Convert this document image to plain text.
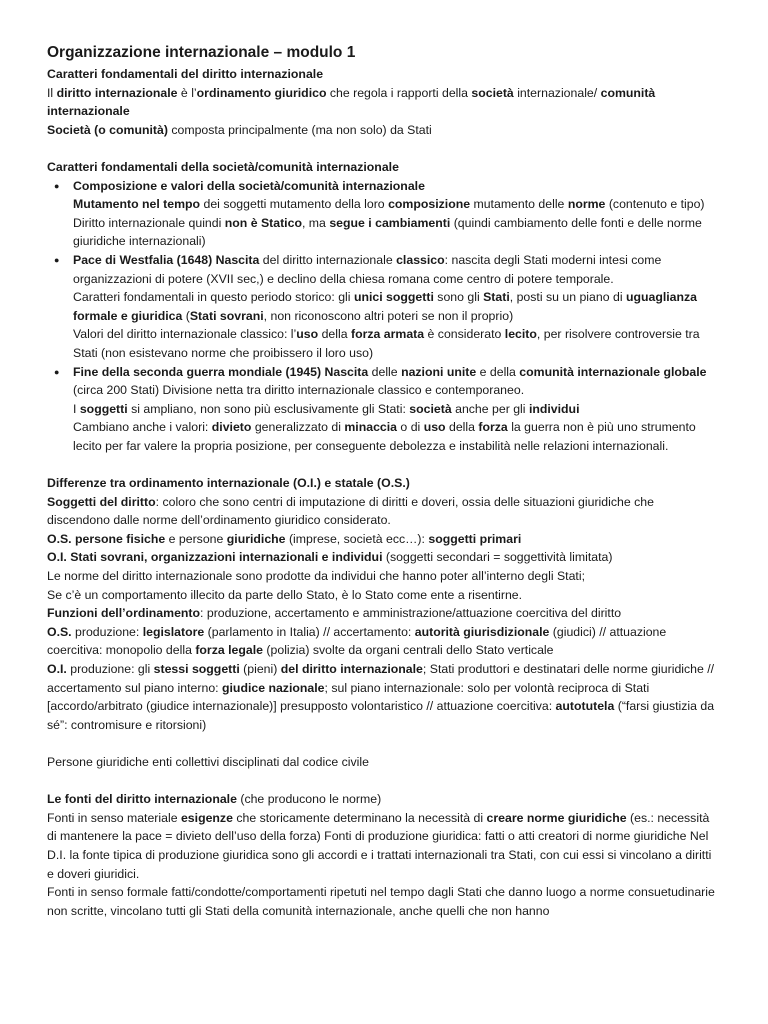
Organizzazione internazionale – modulo 1
Caratteri fondamentali del diritto internazionale
Il diritto internazionale è l’ordinamento giuridico che regola i rapporti della società internazionale/ comunità internazionale
Società (o comunità) composta principalmente (ma non solo) da Stati
Caratteri fondamentali della società/comunità internazionale
● Composizione e valori della società/comunità internazionale
Mutamento nel tempo dei soggetti mutamento della loro composizione mutamento delle norme (contenuto e tipo)
Diritto internazionale quindi non è Statico, ma segue i cambiamenti (quindi cambiamento delle fonti e delle norme giuridiche internazionali)
● Pace di Westfalia (1648) Nascita del diritto internazionale classico: nascita degli Stati moderni intesi come organizzazioni di potere (XVII sec,) e declino della chiesa romana come centro di potere temporale.
Caratteri fondamentali in questo periodo storico: gli unici soggetti sono gli Stati, posti su un piano di uguaglianza formale e giuridica (Stati sovrani, non riconoscono altri poteri se non il proprio)
Valori del diritto internazionale classico: l’uso della forza armata è considerato lecito, per risolvere controversie tra Stati (non esistevano norme che proibissero il loro uso)
● Fine della seconda guerra mondiale (1945) Nascita delle nazioni unite e della comunità internazionale globale (circa 200 Stati) Divisione netta tra diritto internazionale classico e contemporaneo.
I soggetti si ampliano, non sono più esclusivamente gli Stati: società anche per gli individui
Cambiano anche i valori: divieto generalizzato di minaccia o di uso della forza la guerra non è più uno strumento lecito per far valere la propria posizione, per conseguente debolezza e instabilità nelle relazioni internazionali.
Differenze tra ordinamento internazionale (O.I.) e statale (O.S.)
Soggetti del diritto: coloro che sono centri di imputazione di diritti e doveri, ossia delle situazioni giuridiche che discendono dalle norme dell’ordinamento giuridico considerato.
O.S. persone fisiche e persone giuridiche (imprese, società ecc…): soggetti primari
O.I. Stati sovrani, organizzazioni internazionali e individui (soggetti secondari = soggettività limitata)
Le norme del diritto internazionale sono prodotte da individui che hanno poter all’interno degli Stati;
Se c’è un comportamento illecito da parte dello Stato, è lo Stato come ente a risentirne.
Funzioni dell’ordinamento: produzione, accertamento e amministrazione/attuazione coercitiva del diritto
O.S. produzione: legislatore (parlamento in Italia) // accertamento: autorità giurisdizionale (giudici) // attuazione coercitiva: monopolio della forza legale (polizia) svolte da organi centrali dello Stato verticale
O.I. produzione: gli stessi soggetti (pieni) del diritto internazionale; Stati produttori e destinatari delle norme giuridiche // accertamento sul piano interno: giudice nazionale; sul piano internazionale: solo per volontà reciproca di Stati [accordo/arbitrato (giudice internazionale)] presupposto volontaristico // attuazione coercitiva: autotutela (“farsi giustizia da sé”: contromisure e ritorsioni)
Persone giuridiche enti collettivi disciplinati dal codice civile
Le fonti del diritto internazionale (che producono le norme)
Fonti in senso materiale esigenze che storicamente determinano la necessità di creare norme giuridiche (es.: necessità di mantenere la pace = divieto dell’uso della forza) Fonti di produzione giuridica: fatti o atti creatori di norme giuridiche Nel D.I. la fonte tipica di produzione giuridica sono gli accordi e i trattati internazionali tra Stati, con cui essi si vincolano a diritti e doveri giuridici.
Fonti in senso formale fatti/condotte/comportamenti ripetuti nel tempo dagli Stati che danno luogo a norme consuetudinarie non scritte, vincolano tutti gli Stati della comunità internazionale, anche quelli che non hanno
